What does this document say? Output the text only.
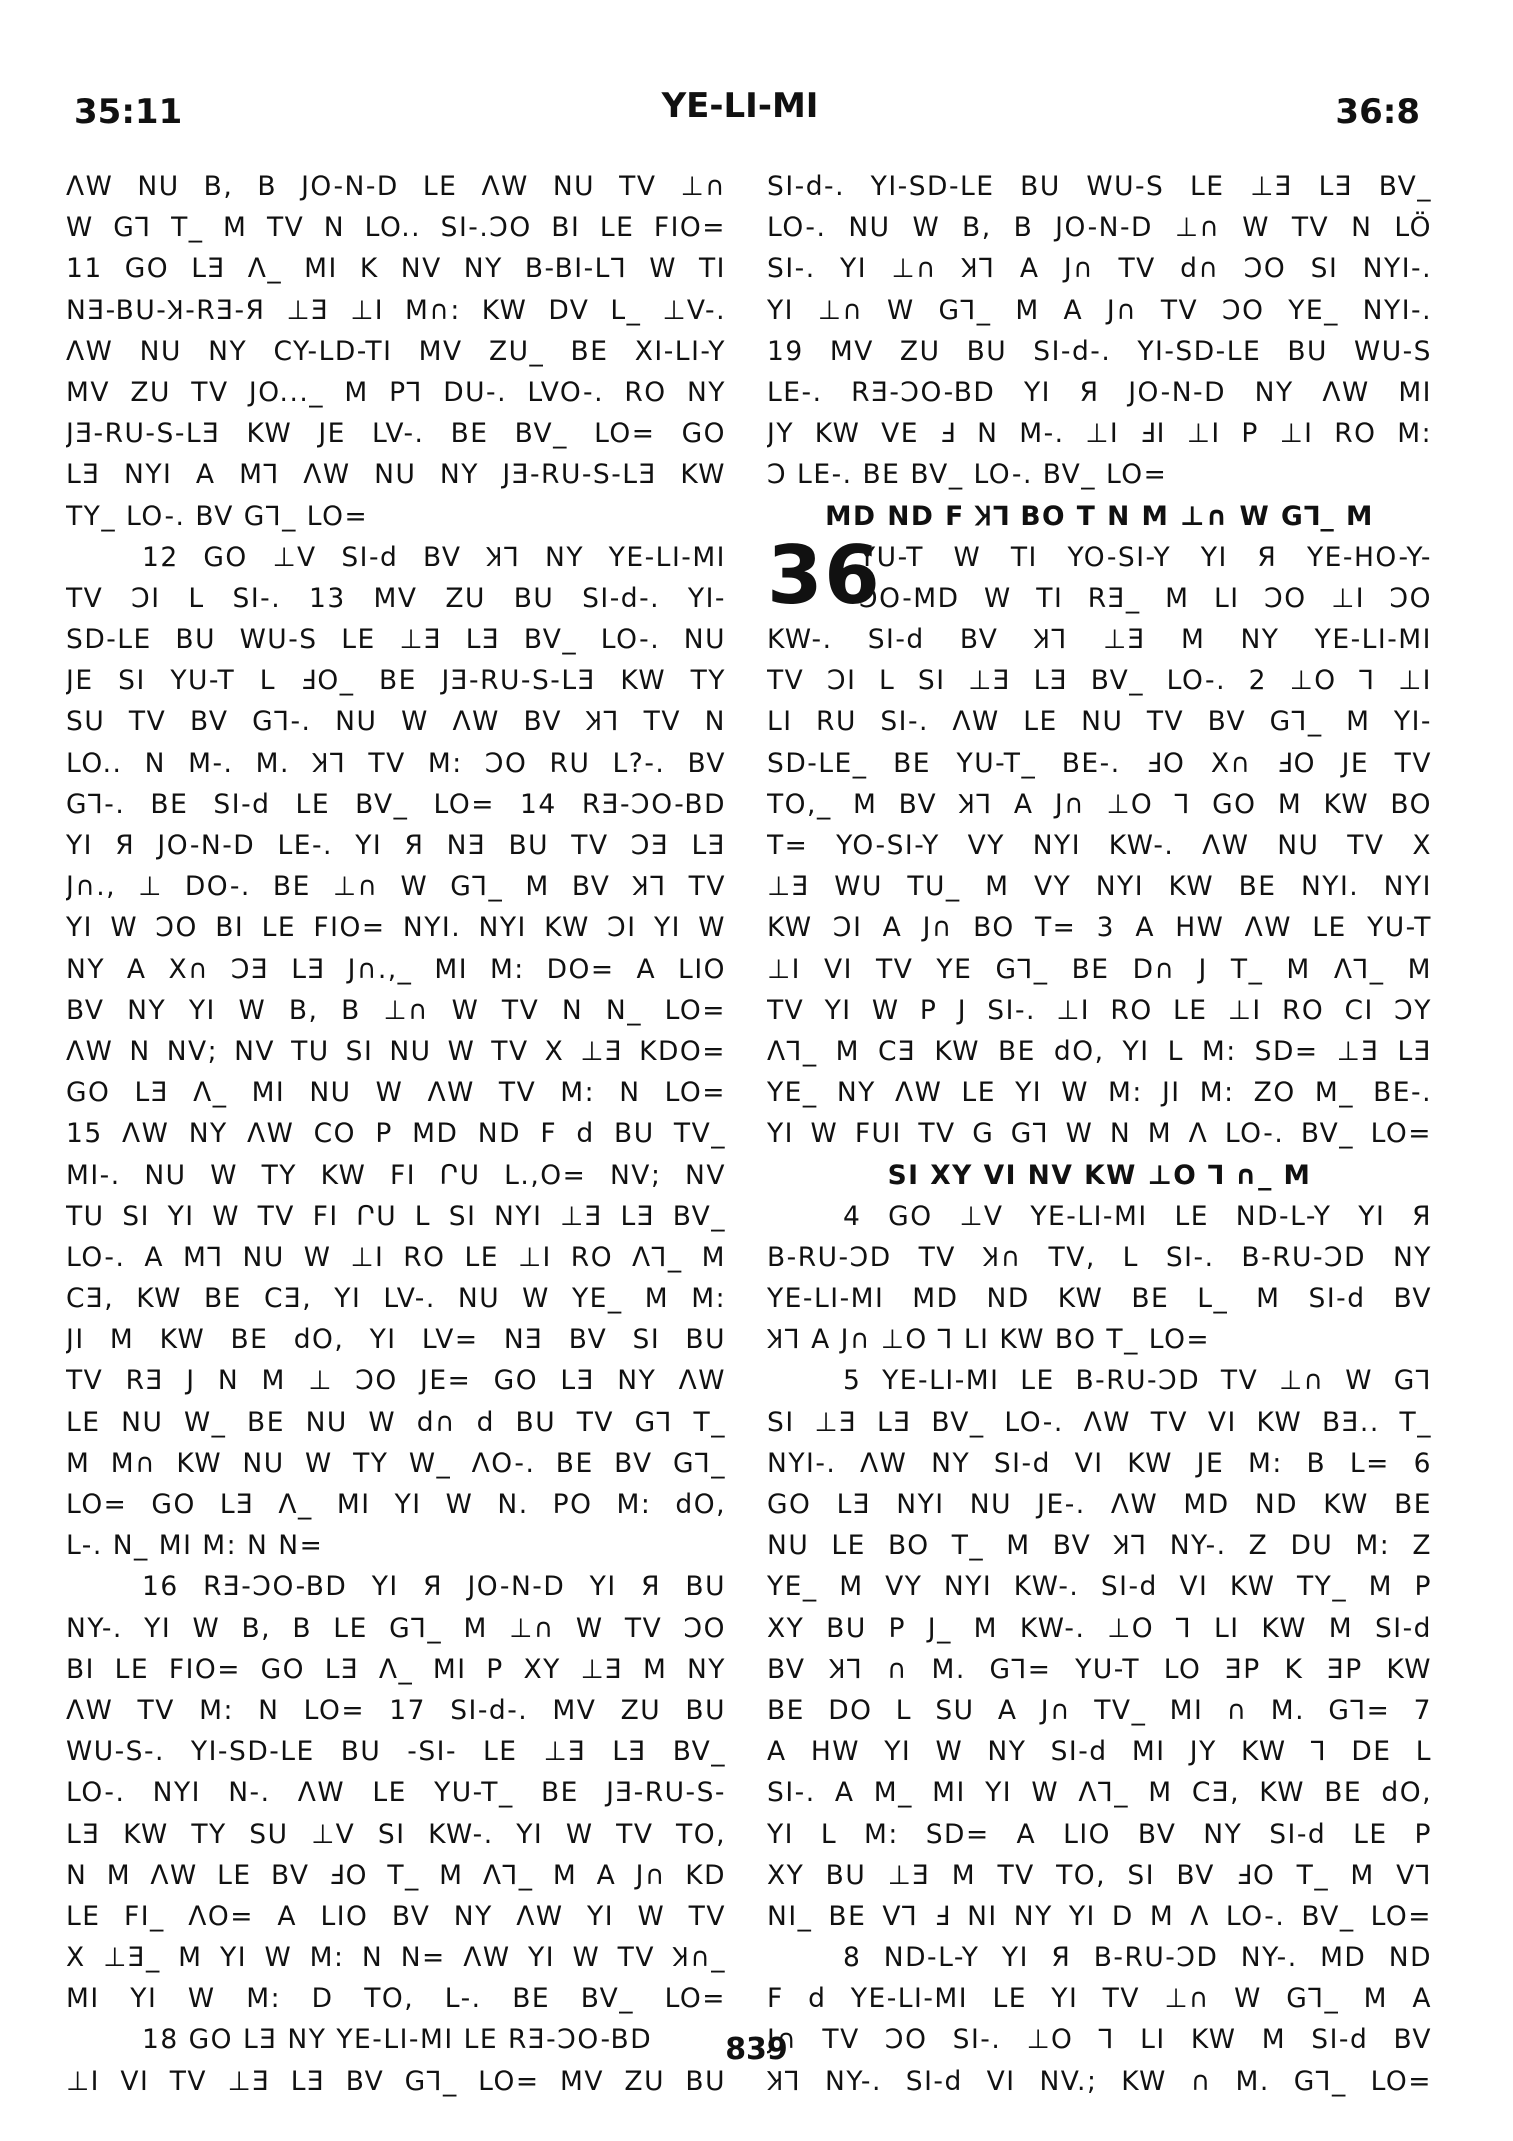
35:11	YE-LI-MI	36:8
ΛW NU B, B JO-N-D LE ΛW NU TV ⊥∩
W G⅂ T_ M TV N LO.. SI-.ƆO BI LE FIO=
11 GO LƎ Λ_ MI K NV NY B-BI-L⅂ W TI
NƎ-BU-Ʞ-RƎ-Я ⊥Ǝ ⊥I M∩: KW DV L_ ⊥V-.
ΛW NU NY CY-LD-TI MV ZU_ BE XI-LI-Y
MV ZU TV JO..._ M P⅂ DU-. LVO-. RO NY
JƎ-RU-S-LƎ KW JE LV-. BE BV_ LO= GO
LƎ NYI A M⅂ ΛW NU NY JƎ-RU-S-LƎ KW
TY_ LO-. BV G⅂_ LO=
12 GO ⊥V SI-d BV Ʞ⅂ NY YE-LI-MI
TV ƆI L SI-. 13 MV ZU BU SI-d-. YI-
SD-LE BU WU-S LE ⊥Ǝ LƎ BV_ LO-. NU
JE SI YU-T L ℲO_ BE JƎ-RU-S-LƎ KW TY
SU TV BV G⅂-. NU W ΛW BV Ʞ⅂ TV N
LO.. N M-. M. Ʞ⅂ TV M: ƆO RU L?-. BV
G⅂-. BE SI-d LE BV_ LO= 14 RƎ-ƆO-BD
YI Я JO-N-D LE-. YI Я NƎ BU TV ƆƎ LƎ
J∩., ⊥ DO-. BE ⊥∩ W G⅂_ M BV Ʞ⅂ TV
YI W ƆO BI LE FIO= NYI. NYI KW ƆI YI W
NY A X∩ ƆƎ LƎ J∩.,_ MI M: DO= A LIO
BV NY YI W B, B ⊥∩ W TV N N_ LO=
ΛW N NV; NV TU SI NU W TV X ⊥Ǝ KDO=
GO LƎ Λ_ MI NU W ΛW TV M: N LO=
15 ΛW NY ΛW CO P MD ND F d BU TV_
MI-. NU W TY KW FI ՐU L.,O= NV; NV
TU SI YI W TV FI ՐU L SI NYI ⊥Ǝ LƎ BV_
LO-. A M⅂ NU W ⊥I RO LE ⊥I RO Λ⅂_ M
CƎ, KW BE CƎ, YI LV-. NU W YE_ M M:
JI M KW BE dO, YI LV= NƎ BV SI BU
TV RƎ J N M ⊥ ƆO JE= GO LƎ NY ΛW
LE NU W_ BE NU W d∩ d BU TV G⅂ T_
M M∩ KW NU W TY W_ ΛO-. BE BV G⅂_
LO= GO LƎ Λ_ MI YI W N. PO M: dO,
L-. N_ MI M: N N=
16 RƎ-ƆO-BD YI Я JO-N-D YI Я BU
NY-. YI W B, B LE G⅂_ M ⊥∩ W TV ƆO
BI LE FIO= GO LƎ Λ_ MI P XY ⊥Ǝ M NY
ΛW TV M: N LO= 17 SI-d-. MV ZU BU
WU-S-. YI-SD-LE BU -SI- LE ⊥Ǝ LƎ BV_
LO-. NYI N-. ΛW LE YU-T_ BE JƎ-RU-S-
LƎ KW TY SU ⊥V SI KW-. YI W TV TO,
N M ΛW LE BV ℲO T_ M Λ⅂_ M A J∩ KD
LE FI_ ΛO= A LIO BV NY ΛW YI W TV
X ⊥Ǝ_ M YI W M: N N= ΛW YI W TV Ʞ∩_
MI YI W M: D TO, L-. BE BV_ LO=
18 GO LƎ NY YE-LI-MI LE RƎ-ƆO-BD
⊥I VI TV ⊥Ǝ LƎ BV G⅂_ LO= MV ZU BU
36
SI-d-. YI-SD-LE BU WU-S LE ⊥Ǝ LƎ BV_
LO-. NU W B, B JO-N-D ⊥∩ W TV N LÖ
SI-. YI ⊥∩ Ʞ⅂ A J∩ TV d∩ ƆO SI NYI-.
YI ⊥∩ W G⅂_ M A J∩ TV ƆO YE_ NYI-.
19 MV ZU BU SI-d-. YI-SD-LE BU WU-S
LE-. RƎ-ƆO-BD YI Я JO-N-D NY ΛW MI
JY KW VE Ⅎ N M-. ⊥I ℲI ⊥I P ⊥I RO M:
Ɔ LE-. BE BV_ LO-. BV_ LO=
MD ND F Ʞ⅂ BO T N M ⊥∩ W G⅂_ M
YU-T W TI YO-SI-Y YI Я YE-HO-Y-
ƆO-MD W TI RƎ_ M LI ƆO ⊥I ƆO
KW-. SI-d BV Ʞ⅂ ⊥Ǝ M NY YE-LI-MI
TV ƆI L SI ⊥Ǝ LƎ BV_ LO-. 2 ⊥O ⅂ ⊥I
LI RU SI-. ΛW LE NU TV BV G⅂_ M YI-
SD-LE_ BE YU-T_ BE-. ℲO X∩ ℲO JE TV
TO,_ M BV Ʞ⅂ A J∩ ⊥O ⅂ GO M KW BO
T= YO-SI-Y VY NYI KW-. ΛW NU TV X
⊥Ǝ WU TU_ M VY NYI KW BE NYI. NYI
KW ƆI A J∩ BO T= 3 A HW ΛW LE YU-T
⊥I VI TV YE G⅂_ BE D∩ J T_ M Λ⅂_ M
TV YI W P J SI-. ⊥I RO LE ⊥I RO CI ƆY
Λ⅂_ M CƎ KW BE dO, YI L M: SD= ⊥Ǝ LƎ
YE_ NY ΛW LE YI W M: JI M: ZO M_ BE-.
YI W FUI TV G G⅂ W N M Λ LO-. BV_ LO=
SI XY VI NV KW ⊥O ⅂ ∩_ M
4 GO ⊥V YE-LI-MI LE ND-L-Y YI Я
B-RU-ƆD TV Ʞ∩ TV, L SI-. B-RU-ƆD NY
YE-LI-MI MD ND KW BE L_ M SI-d BV
Ʞ⅂ A J∩ ⊥O ⅂ LI KW BO T_ LO=
5 YE-LI-MI LE B-RU-ƆD TV ⊥∩ W G⅂
SI ⊥Ǝ LƎ BV_ LO-. ΛW TV VI KW BƎ.. T_
NYI-. ΛW NY SI-d VI KW JE M: B L= 6
GO LƎ NYI NU JE-. ΛW MD ND KW BE
NU LE BO T_ M BV Ʞ⅂ NY-. Z DU M: Z
YE_ M VY NYI KW-. SI-d VI KW TY_ M P
XY BU P J_ M KW-. ⊥O ⅂ LI KW M SI-d
BV Ʞ⅂ ∩ M. G⅂= YU-T LO ƎP K ƎP KW
BE DO L SU A J∩ TV_ MI ∩ M. G⅂= 7
A HW YI W NY SI-d MI JY KW ⅂ DE L
SI-. A M_ MI YI W Λ⅂_ M CƎ, KW BE dO,
YI L M: SD= A LIO BV NY SI-d LE P
XY BU ⊥Ǝ M TV TO, SI BV ℲO T_ M V⅂
NI_ BE V⅂ Ⅎ NI NY YI D M Λ LO-. BV_ LO=
8 ND-L-Y YI Я B-RU-ƆD NY-. MD ND
F d YE-LI-MI LE YI TV ⊥∩ W G⅂_ M A
J∩ TV ƆO SI-. ⊥O ⅂ LI KW M SI-d BV
Ʞ⅂ NY-. SI-d VI NV.; KW ∩ M. G⅂_ LO=
839
